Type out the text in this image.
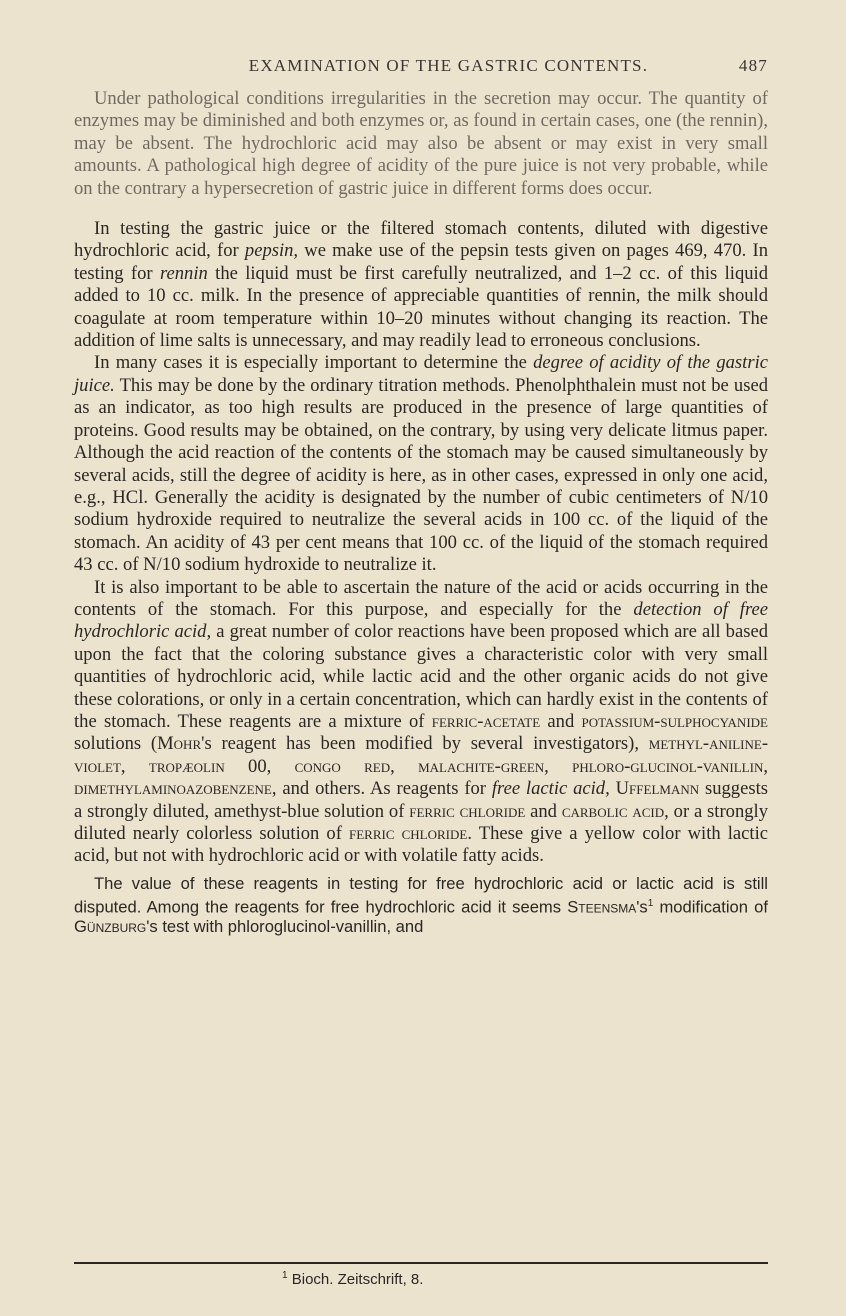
EXAMINATION OF THE GASTRIC CONTENTS.	487

Under pathological conditions irregularities in the secretion may occur. The quantity of enzymes may be diminished and both enzymes or, as found in certain cases, one (the rennin), may be absent. The hydrochloric acid may also be absent or may exist in very small amounts. A pathological high degree of acidity of the pure juice is not very probable, while on the contrary a hypersecretion of gastric juice in different forms does occur.

In testing the gastric juice or the filtered stomach contents, diluted with digestive hydrochloric acid, for pepsin, we make use of the pepsin tests given on pages 469, 470. In testing for rennin the liquid must be first carefully neutralized, and 1–2 cc. of this liquid added to 10 cc. milk. In the presence of appreciable quantities of rennin, the milk should coagulate at room temperature within 10–20 minutes without changing its reaction. The addition of lime salts is unnecessary, and may readily lead to erroneous conclusions.

In many cases it is especially important to determine the degree of acidity of the gastric juice. This may be done by the ordinary titration methods. Phenolphthalein must not be used as an indicator, as too high results are produced in the presence of large quantities of proteins. Good results may be obtained, on the contrary, by using very delicate litmus paper. Although the acid reaction of the contents of the stomach may be caused simultaneously by several acids, still the degree of acidity is here, as in other cases, expressed in only one acid, e.g., HCl. Generally the acidity is designated by the number of cubic centimeters of N/10 sodium hydroxide required to neutralize the several acids in 100 cc. of the liquid of the stomach. An acidity of 43 per cent means that 100 cc. of the liquid of the stomach required 43 cc. of N/10 sodium hydroxide to neutralize it.

It is also important to be able to ascertain the nature of the acid or acids occurring in the contents of the stomach. For this purpose, and especially for the detection of free hydrochloric acid, a great number of color reactions have been proposed which are all based upon the fact that the coloring substance gives a characteristic color with very small quantities of hydrochloric acid, while lactic acid and the other organic acids do not give these colorations, or only in a certain concentration, which can hardly exist in the contents of the stomach. These reagents are a mixture of ferric-acetate and potassium-sulphocyanide solutions (Mohr's reagent has been modified by several investigators), methyl-aniline-violet, tropæolin 00, congo red, malachite-green, phloro-glucinol-vanillin, dimethylaminoazobenzene, and others. As reagents for free lactic acid, Uffelmann suggests a strongly diluted, amethyst-blue solution of ferric chloride and carbolic acid, or a strongly diluted nearly colorless solution of ferric chloride. These give a yellow color with lactic acid, but not with hydrochloric acid or with volatile fatty acids.

The value of these reagents in testing for free hydrochloric acid or lactic acid is still disputed. Among the reagents for free hydrochloric acid it seems $Steensma's^1$ modification of Günzburg's test with phloroglucinol-vanillin, and

$^1$ Bioch. Zeitschrift, 8.
